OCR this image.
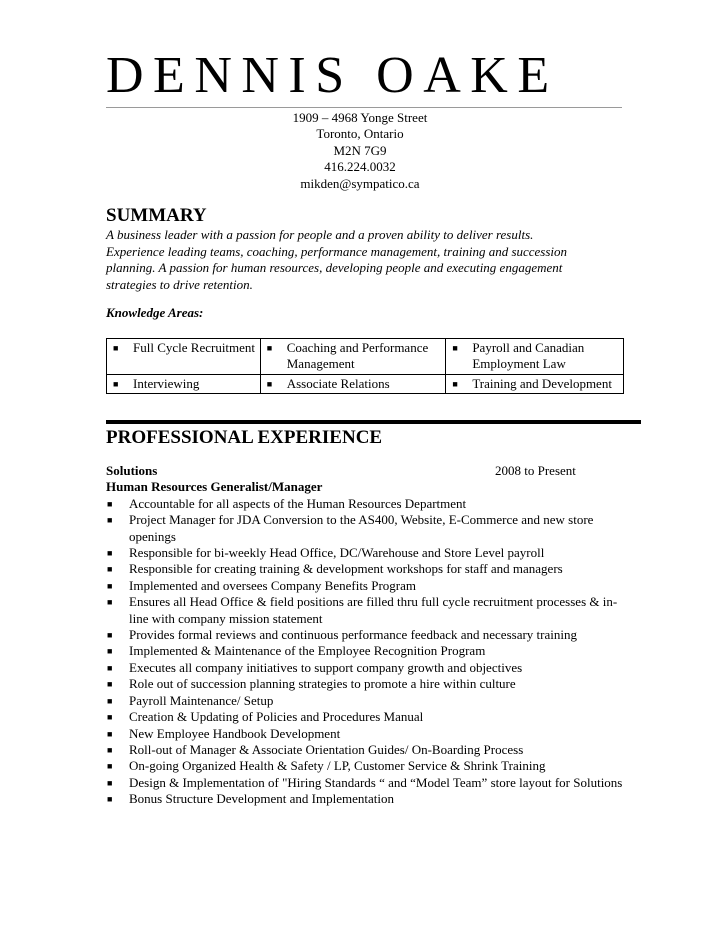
DENNIS OAKE
1909 – 4968 Yonge Street
Toronto, Ontario
M2N 7G9
416.224.0032
mikden@sympatico.ca
SUMMARY
A business leader with a passion for people and a proven ability to deliver results.
Experience leading teams, coaching, performance management, training and succession
planning. A passion for human resources, developing people and executing engagement
strategies to drive retention.
Knowledge Areas:
■ Full Cycle Recruitment	■ Coaching and Performance Management	■ Payroll and Canadian Employment Law

■ Interviewing	■ Associate Relations	■ Training and Development
PROFESSIONAL EXPERIENCE
Solutions	2008 to Present
Human Resources Generalist/Manager
■	Accountable for all aspects of the Human Resources Department
■	Project Manager for JDA Conversion to the AS400, Website, E-Commerce and new store openings
■	Responsible for bi-weekly Head Office, DC/Warehouse and Store Level payroll
■	Responsible for creating training & development workshops for staff and managers
■	Implemented and oversees Company Benefits Program
■	Ensures all Head Office & field positions are filled thru full cycle recruitment processes & in-line with company mission statement
■	Provides formal reviews and continuous performance feedback and necessary training
■	Implemented & Maintenance of the Employee Recognition Program
■	Executes all company initiatives to support company growth and objectives
■	Role out of succession planning strategies to promote a hire within culture
■	Payroll Maintenance/ Setup
■	Creation & Updating of Policies and Procedures Manual
■	New Employee Handbook Development
■	Roll-out of Manager & Associate Orientation Guides/ On-Boarding Process
■	On-going Organized Health & Safety / LP, Customer Service & Shrink Training
■	Design & Implementation of "Hiring Standards “ and “Model Team” store layout for Solutions
■	Bonus Structure Development and Implementation
